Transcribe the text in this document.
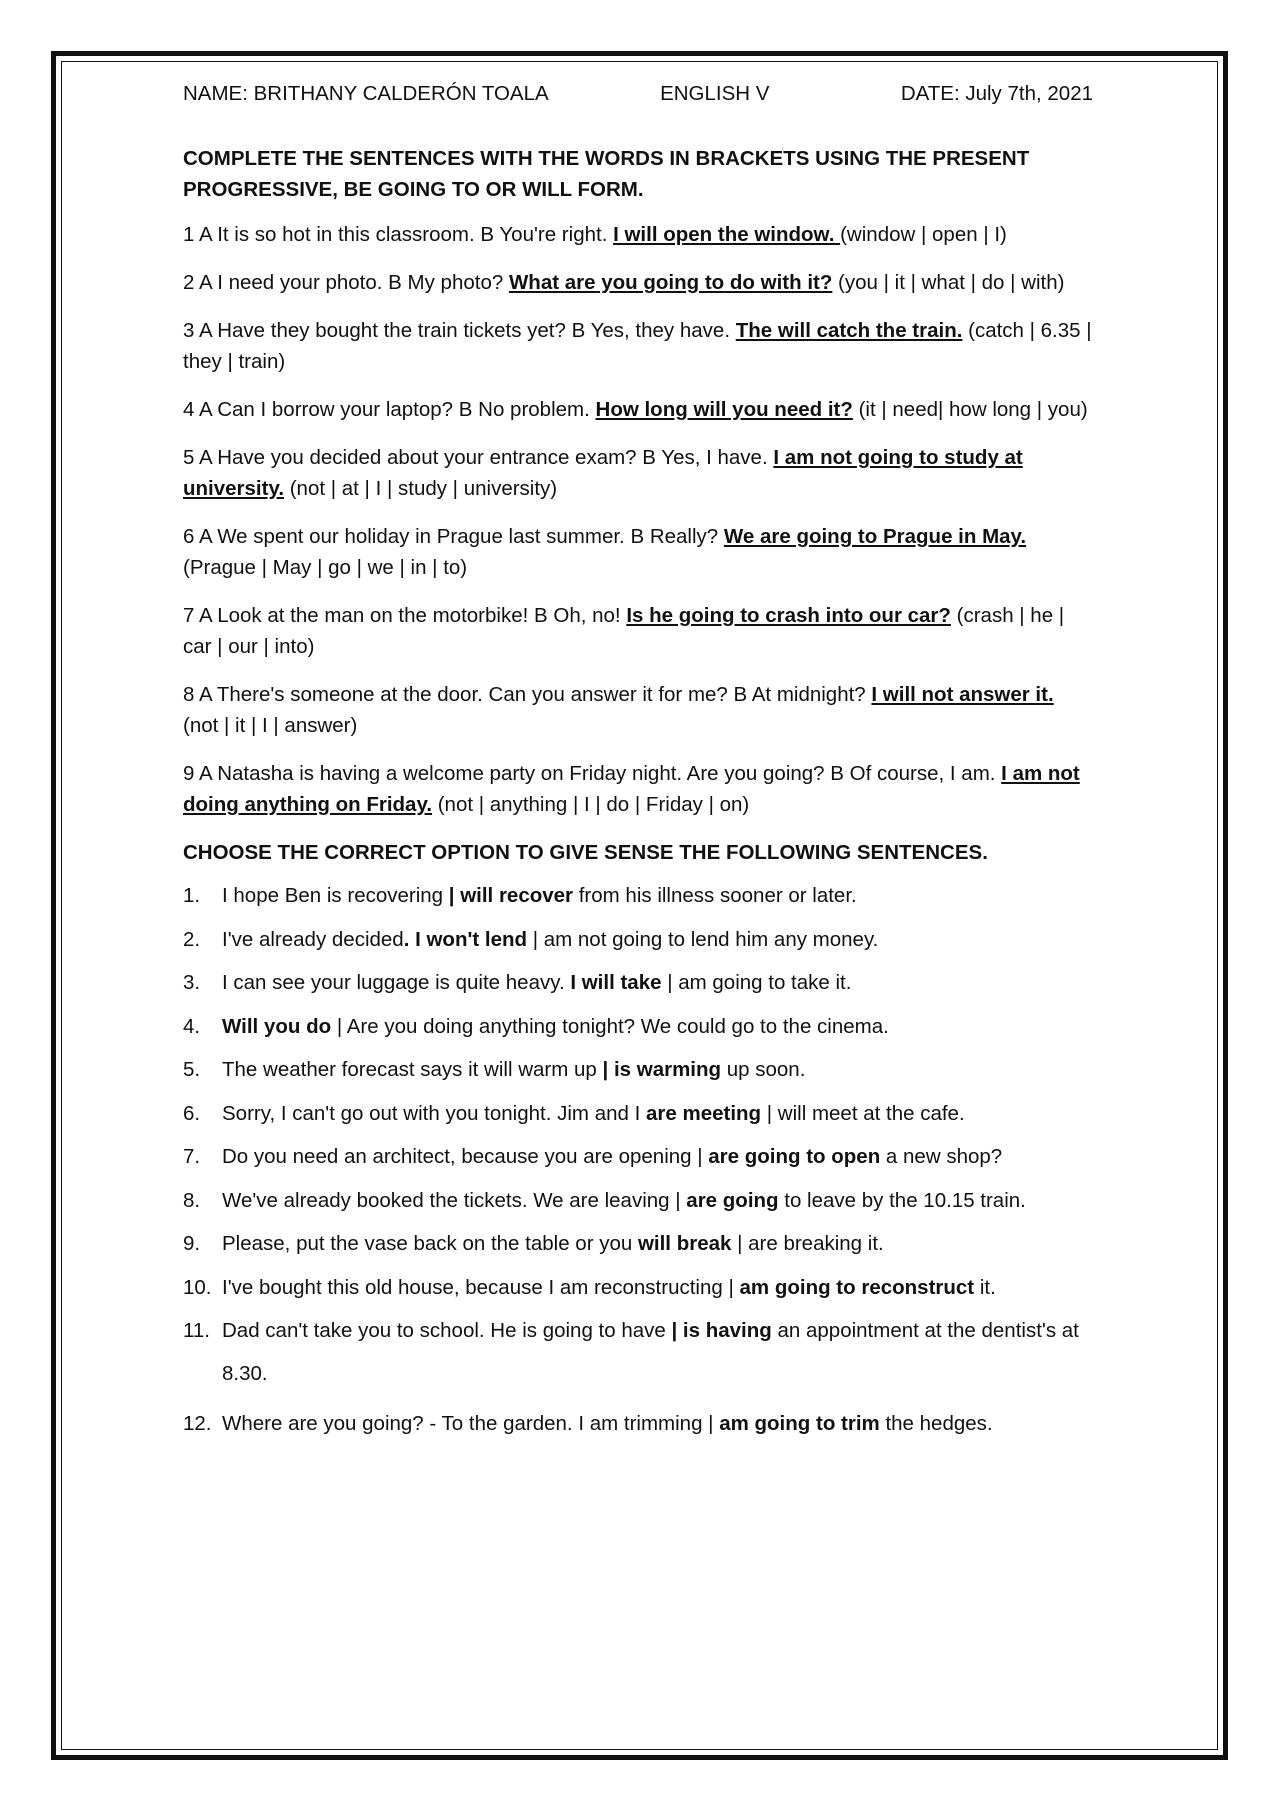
NAME: BRITHANY CALDERÓN TOALA	ENGLISH V	DATE: July 7th, 2021

COMPLETE THE SENTENCES WITH THE WORDS IN BRACKETS USING THE PRESENT PROGRESSIVE, BE GOING TO OR WILL FORM.

1 A It is so hot in this classroom. B You're right. I will open the window. (window | open | I)

2 A I need your photo. B My photo? What are you going to do with it? (you | it | what | do | with)

3 A Have they bought the train tickets yet? B Yes, they have. The will catch the train. (catch | 6.35 | they | train)

4 A Can I borrow your laptop? B No problem. How long will you need it? (it | need| how long | you)

5 A Have you decided about your entrance exam? B Yes, I have. I am not going to study at university. (not | at | I | study | university)

6 A We spent our holiday in Prague last summer. B Really? We are going to Prague in May. (Prague | May | go | we | in | to)

7 A Look at the man on the motorbike! B Oh, no! Is he going to crash into our car? (crash | he | car | our | into)

8 A There's someone at the door. Can you answer it for me? B At midnight? I will not answer it. (not | it | I | answer)

9 A Natasha is having a welcome party on Friday night. Are you going? B Of course, I am. I am not doing anything on Friday. (not | anything | I | do | Friday | on)

CHOOSE THE CORRECT OPTION TO GIVE SENSE THE FOLLOWING SENTENCES.

1.	I hope Ben is recovering | will recover from his illness sooner or later.
2.	I've already decided. I won't lend | am not going to lend him any money.
3.	I can see your luggage is quite heavy. I will take | am going to take it.
4.	Will you do | Are you doing anything tonight? We could go to the cinema.
5.	The weather forecast says it will warm up | is warming up soon.
6.	Sorry, I can't go out with you tonight. Jim and I are meeting | will meet at the cafe.
7.	Do you need an architect, because you are opening | are going to open a new shop?
8.	We've already booked the tickets. We are leaving | are going to leave by the 10.15 train.
9.	Please, put the vase back on the table or you will break | are breaking it.
10. I've bought this old house, because I am reconstructing | am going to reconstruct it.
11. Dad can't take you to school. He is going to have | is having an appointment at the dentist's at 8.30.
12. Where are you going? - To the garden. I am trimming | am going to trim the hedges.
